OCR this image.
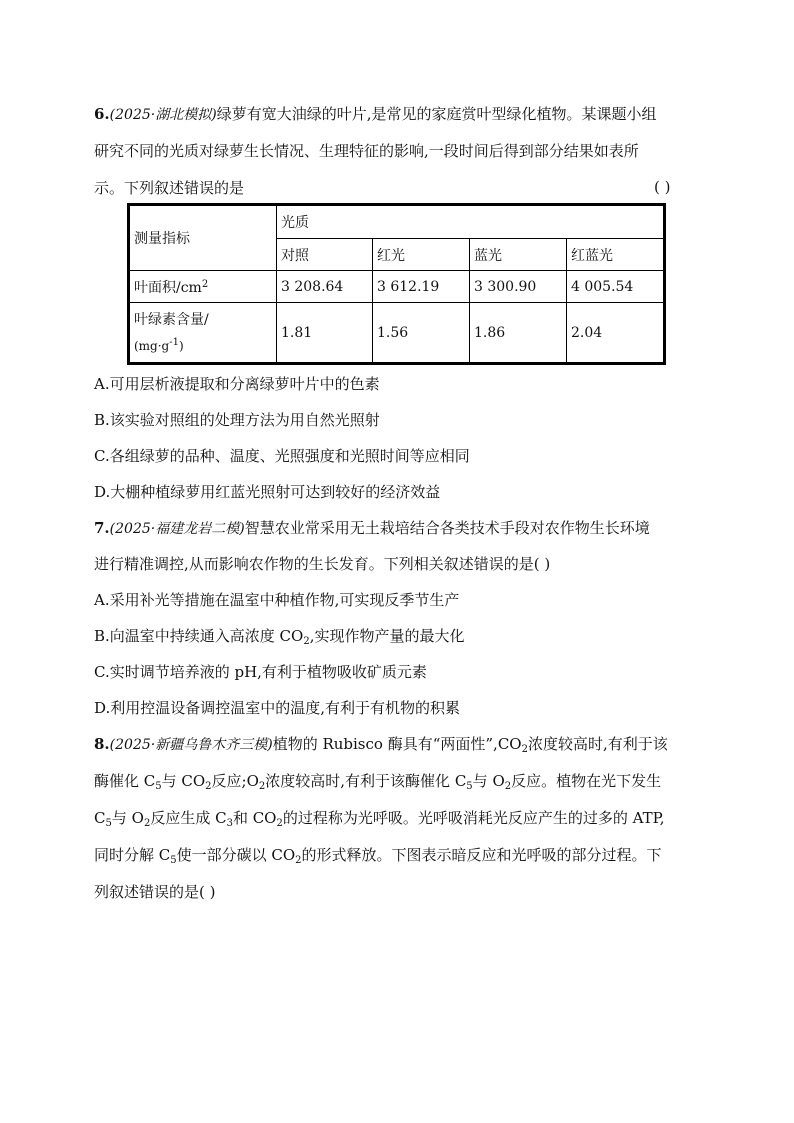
6.(2025·湖北模拟)绿萝有宽大油绿的叶片,是常见的家庭赏叶型绿化植物。某课题小组
研究不同的光质对绿萝生长情况、生理特征的影响,一段时间后得到部分结果如表所
示。下列叙述错误的是	( )
测量指标	光质			
	对照	红光	蓝光	红蓝光
叶面积$/cm^2$	3 208.64	3 612.19	3 300.90	4 005.54
叶绿素含量/
$(mg\cdot g^{-1})$	1.81	1.56	1.86	2.04
A.可用层析液提取和分离绿萝叶片中的色素
B.该实验对照组的处理方法为用自然光照射
C.各组绿萝的品种、温度、光照强度和光照时间等应相同
D.大棚种植绿萝用红蓝光照射可达到较好的经济效益
7.(2025·福建龙岩二模)智慧农业常采用无土栽培结合各类技术手段对农作物生长环境
进行精准调控,从而影响农作物的生长发育。下列相关叙述错误的是( )
A.采用补光等措施在温室中种植作物,可实现反季节生产
B.向温室中持续通入高浓度 $CO_2$,实现作物产量的最大化
C.实时调节培养液的 pH,有利于植物吸收矿质元素
D.利用控温设备调控温室中的温度,有利于有机物的积累
8.(2025·新疆乌鲁木齐三模)植物的 Rubisco 酶具有“两面性$”,CO_2$浓度较高时,有利于该
酶催化 $C_5$与 $CO_2$反应$;O_2$浓度较高时,有利于该酶催化 $C_5$与 $O_2$反应。植物在光下发生
$C_5$与 $O_2$反应生成 $C_3$和 $CO_2$的过程称为光呼吸。光呼吸消耗光反应产生的过多的 ATP,
同时分解 $C_5$使一部分碳以 $CO_2$的形式释放。下图表示暗反应和光呼吸的部分过程。下
列叙述错误的是( )
